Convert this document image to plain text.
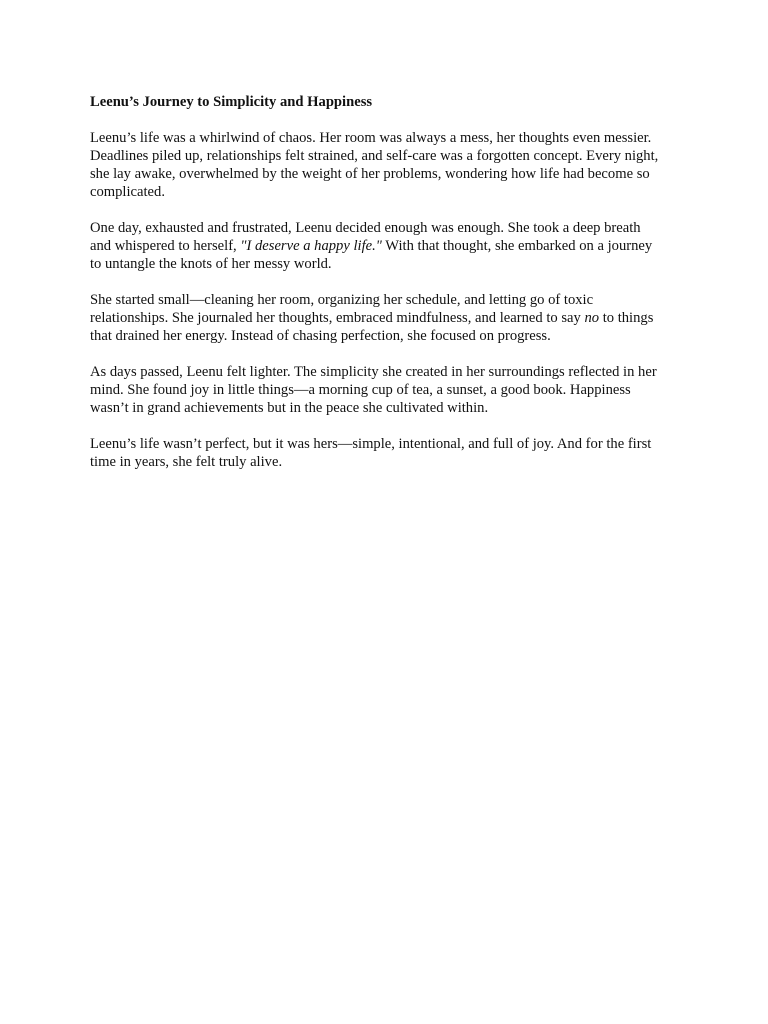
Leenu’s Journey to Simplicity and Happiness

Leenu’s life was a whirlwind of chaos. Her room was always a mess, her thoughts even messier.
Deadlines piled up, relationships felt strained, and self-care was a forgotten concept. Every night,
she lay awake, overwhelmed by the weight of her problems, wondering how life had become so
complicated.

One day, exhausted and frustrated, Leenu decided enough was enough. She took a deep breath
and whispered to herself, "I deserve a happy life." With that thought, she embarked on a journey
to untangle the knots of her messy world.

She started small—cleaning her room, organizing her schedule, and letting go of toxic
relationships. She journaled her thoughts, embraced mindfulness, and learned to say no to things
that drained her energy. Instead of chasing perfection, she focused on progress.

As days passed, Leenu felt lighter. The simplicity she created in her surroundings reflected in her
mind. She found joy in little things—a morning cup of tea, a sunset, a good book. Happiness
wasn’t in grand achievements but in the peace she cultivated within.

Leenu’s life wasn’t perfect, but it was hers—simple, intentional, and full of joy. And for the first
time in years, she felt truly alive.
